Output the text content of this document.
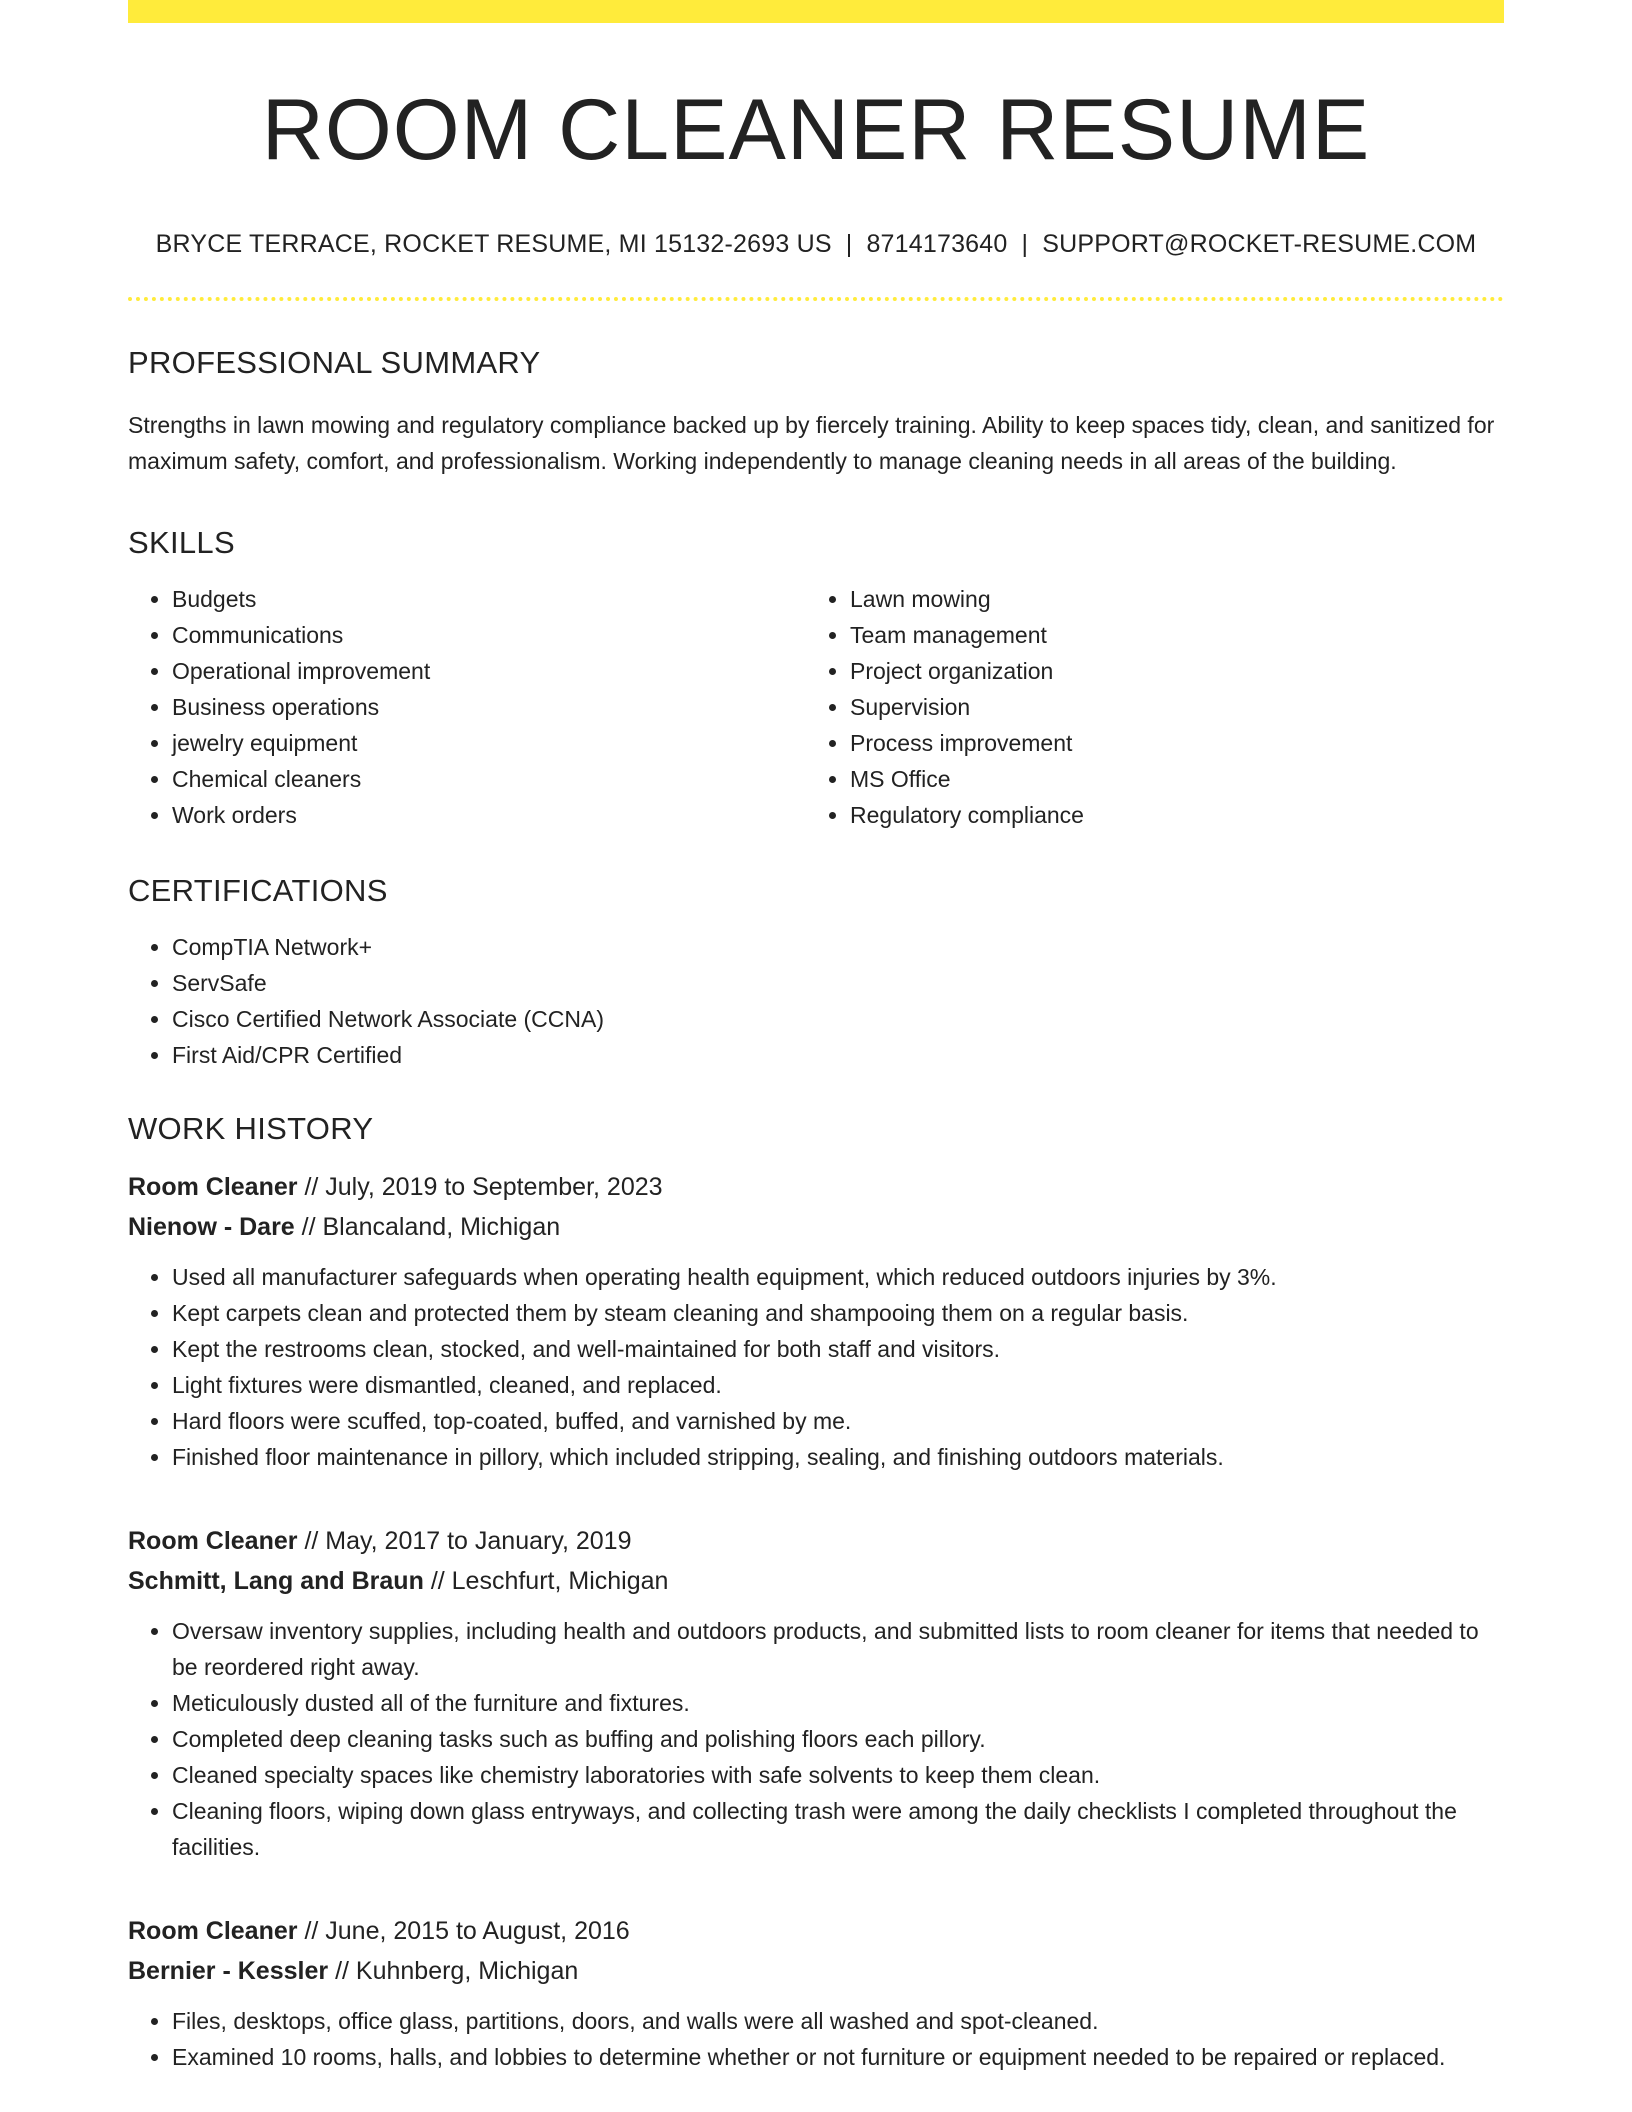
ROOM CLEANER RESUME
BRYCE TERRACE, ROCKET RESUME, MI 15132-2693 US | 8714173640 | SUPPORT@ROCKET-RESUME.COM
PROFESSIONAL SUMMARY

Strengths in lawn mowing and regulatory compliance backed up by fiercely training. Ability to keep spaces tidy, clean, and sanitized for maximum safety, comfort, and professionalism. Working independently to manage cleaning needs in all areas of the building.

SKILLS
• Budgets
• Communications
• Operational improvement
• Business operations
• jewelry equipment
• Chemical cleaners
• Work orders
• Lawn mowing
• Team management
• Project organization
• Supervision
• Process improvement
• MS Office
• Regulatory compliance
CERTIFICATIONS
• CompTIA Network+
• ServSafe
• Cisco Certified Network Associate (CCNA)
• First Aid/CPR Certified
WORK HISTORY
Room Cleaner // July, 2019 to September, 2023
Nienow - Dare // Blancaland, Michigan
• Used all manufacturer safeguards when operating health equipment, which reduced outdoors injuries by 3%.
• Kept carpets clean and protected them by steam cleaning and shampooing them on a regular basis.
• Kept the restrooms clean, stocked, and well-maintained for both staff and visitors.
• Light fixtures were dismantled, cleaned, and replaced.
• Hard floors were scuffed, top-coated, buffed, and varnished by me.
• Finished floor maintenance in pillory, which included stripping, sealing, and finishing outdoors materials.
Room Cleaner // May, 2017 to January, 2019
Schmitt, Lang and Braun // Leschfurt, Michigan
• Oversaw inventory supplies, including health and outdoors products, and submitted lists to room cleaner for items that needed to be reordered right away.
• Meticulously dusted all of the furniture and fixtures.
• Completed deep cleaning tasks such as buffing and polishing floors each pillory.
• Cleaned specialty spaces like chemistry laboratories with safe solvents to keep them clean.
• Cleaning floors, wiping down glass entryways, and collecting trash were among the daily checklists I completed throughout the facilities.
Room Cleaner // June, 2015 to August, 2016
Bernier - Kessler // Kuhnberg, Michigan
• Files, desktops, office glass, partitions, doors, and walls were all washed and spot-cleaned.
• Examined 10 rooms, halls, and lobbies to determine whether or not furniture or equipment needed to be repaired or replaced.
